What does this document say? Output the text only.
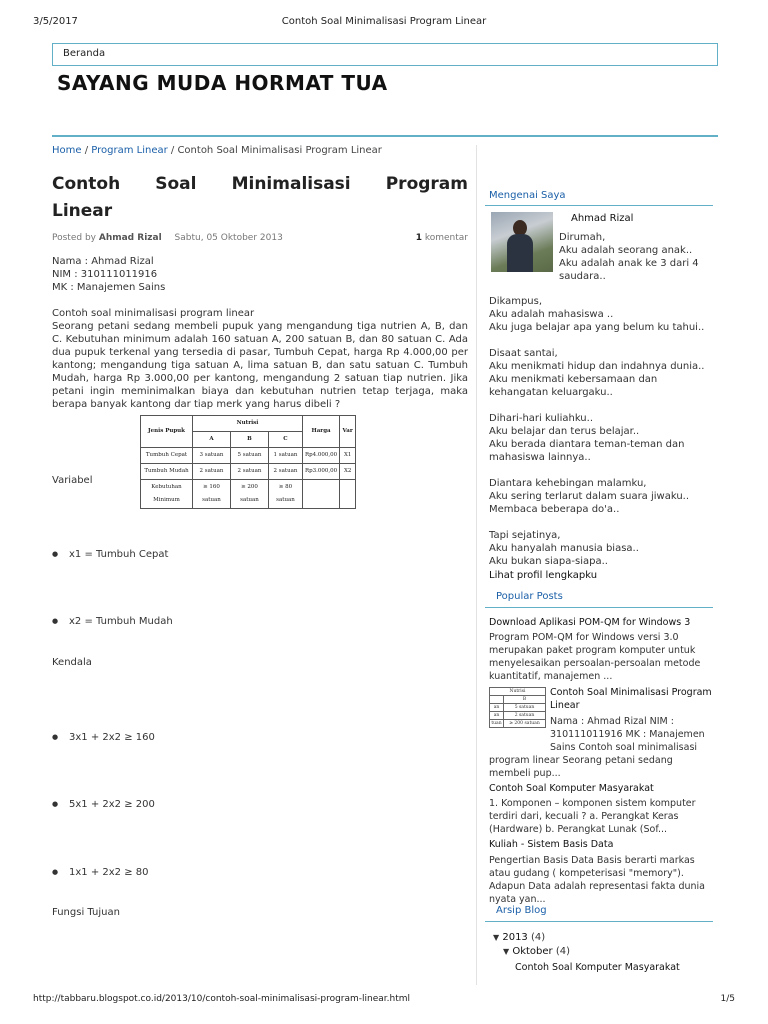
3/5/2017	Contoh Soal Minimalisasi Program Linear
Beranda
SAYANG MUDA HORMAT TUA
Home / Program Linear / Contoh Soal Minimalisasi Program Linear
Contoh Soal Minimalisasi Program
Linear
Posted by Ahmad Rizal Sabtu, 05 Oktober 2013	1 komentar

Nama : Ahmad Rizal

NIM : 310111011916

MK : Manajemen Sains

Contoh soal minimalisasi program linear

Seorang petani sedang membeli pupuk yang mengandung tiga nutrien A, B, dan C. Kebutuhan minimum adalah 160 satuan A, 200 satuan B, dan 80 satuan C. Ada dua pupuk terkenal yang tersedia di pasar, Tumbuh Cepat, harga Rp 4.000,00 per kantong; mengandung tiga satuan A, lima satuan B, dan satu satuan C. Tumbuh Mudah, harga Rp 3.000,00 per kantong, mengandung 2 satuan tiap nutrien. Jika petani ingin meminimalkan biaya dan kebutuhan nutrien tetap terjaga, maka berapa banyak kantong dar tiap merk yang harus dibeli ?

Jenis Pupuk	Nutrisi			Harga	Var
	A	B	C		
Tumbuh Cepat	3 satuan	5 satuan	1 satuan	Rp4.000,00	X1
Tumbuh Mudah	2 satuan	2 satuan	2 satuan	Rp3.000,00	X2
Kebutuhan Minimum	≥ 160 satuan	≥ 200 satuan	≥ 80 satuan		
Variabel
● x1 = Tumbuh Cepat
● x2 = Tumbuh Mudah
Kendala
● 3x1 + 2x2 ≥ 160
● 5x1 + 2x2 ≥ 200
● 1x1 + 2x2 ≥ 80
Fungsi Tujuan
Mengenai Saya
Ahmad Rizal
Dirumah,
Aku adalah seorang anak..
Aku adalah anak ke 3 dari 4 saudara..
Dikampus,
Aku adalah mahasiswa ..
Aku juga belajar apa yang belum ku tahui..
Disaat santai,
Aku menikmati hidup dan indahnya dunia..
Aku menikmati kebersamaan dan kehangatan keluargaku..
Dihari-hari kuliahku..
Aku belajar dan terus belajar..
Aku berada diantara teman-teman dan mahasiswa lainnya..
Diantara kehebingan malamku,
Aku sering terlarut dalam suara jiwaku..
Membaca beberapa do'a..
Tapi sejatinya,
Aku hanyalah manusia biasa..
Aku bukan siapa-siapa..
Lihat profil lengkapku
Popular Posts
Download Aplikasi POM-QM for Windows 3
Program POM-QM for Windows versi 3.0 merupakan paket program komputer untuk menyelesaikan persoalan-persoalan metode kuantitatif, manajemen ...
Nutrisi	
	B
an	5 satuan
an	2 satuan
tuan	≥ 200 satuan
Contoh Soal Minimalisasi Program Linear
Nama : Ahmad Rizal NIM : 310111011916 MK : Manajemen Sains Contoh soal minimalisasi
program linear Seorang petani sedang membeli pup...
Contoh Soal Komputer Masyarakat
1. Komponen – komponen sistem komputer terdiri dari, kecuali ? a. Perangkat Keras (Hardware) b. Perangkat Lunak (Sof...
Kuliah - Sistem Basis Data
Pengertian Basis Data Basis berarti markas atau gudang ( kompeterisasi "memory"). Adapun Data adalah representasi fakta dunia nyata yan...
Arsip Blog
▼ 2013 (4)
▼ Oktober (4)
Contoh Soal Komputer Masyarakat
http://tabbaru.blogspot.co.id/2013/10/contoh-soal-minimalisasi-program-linear.html	1/5
